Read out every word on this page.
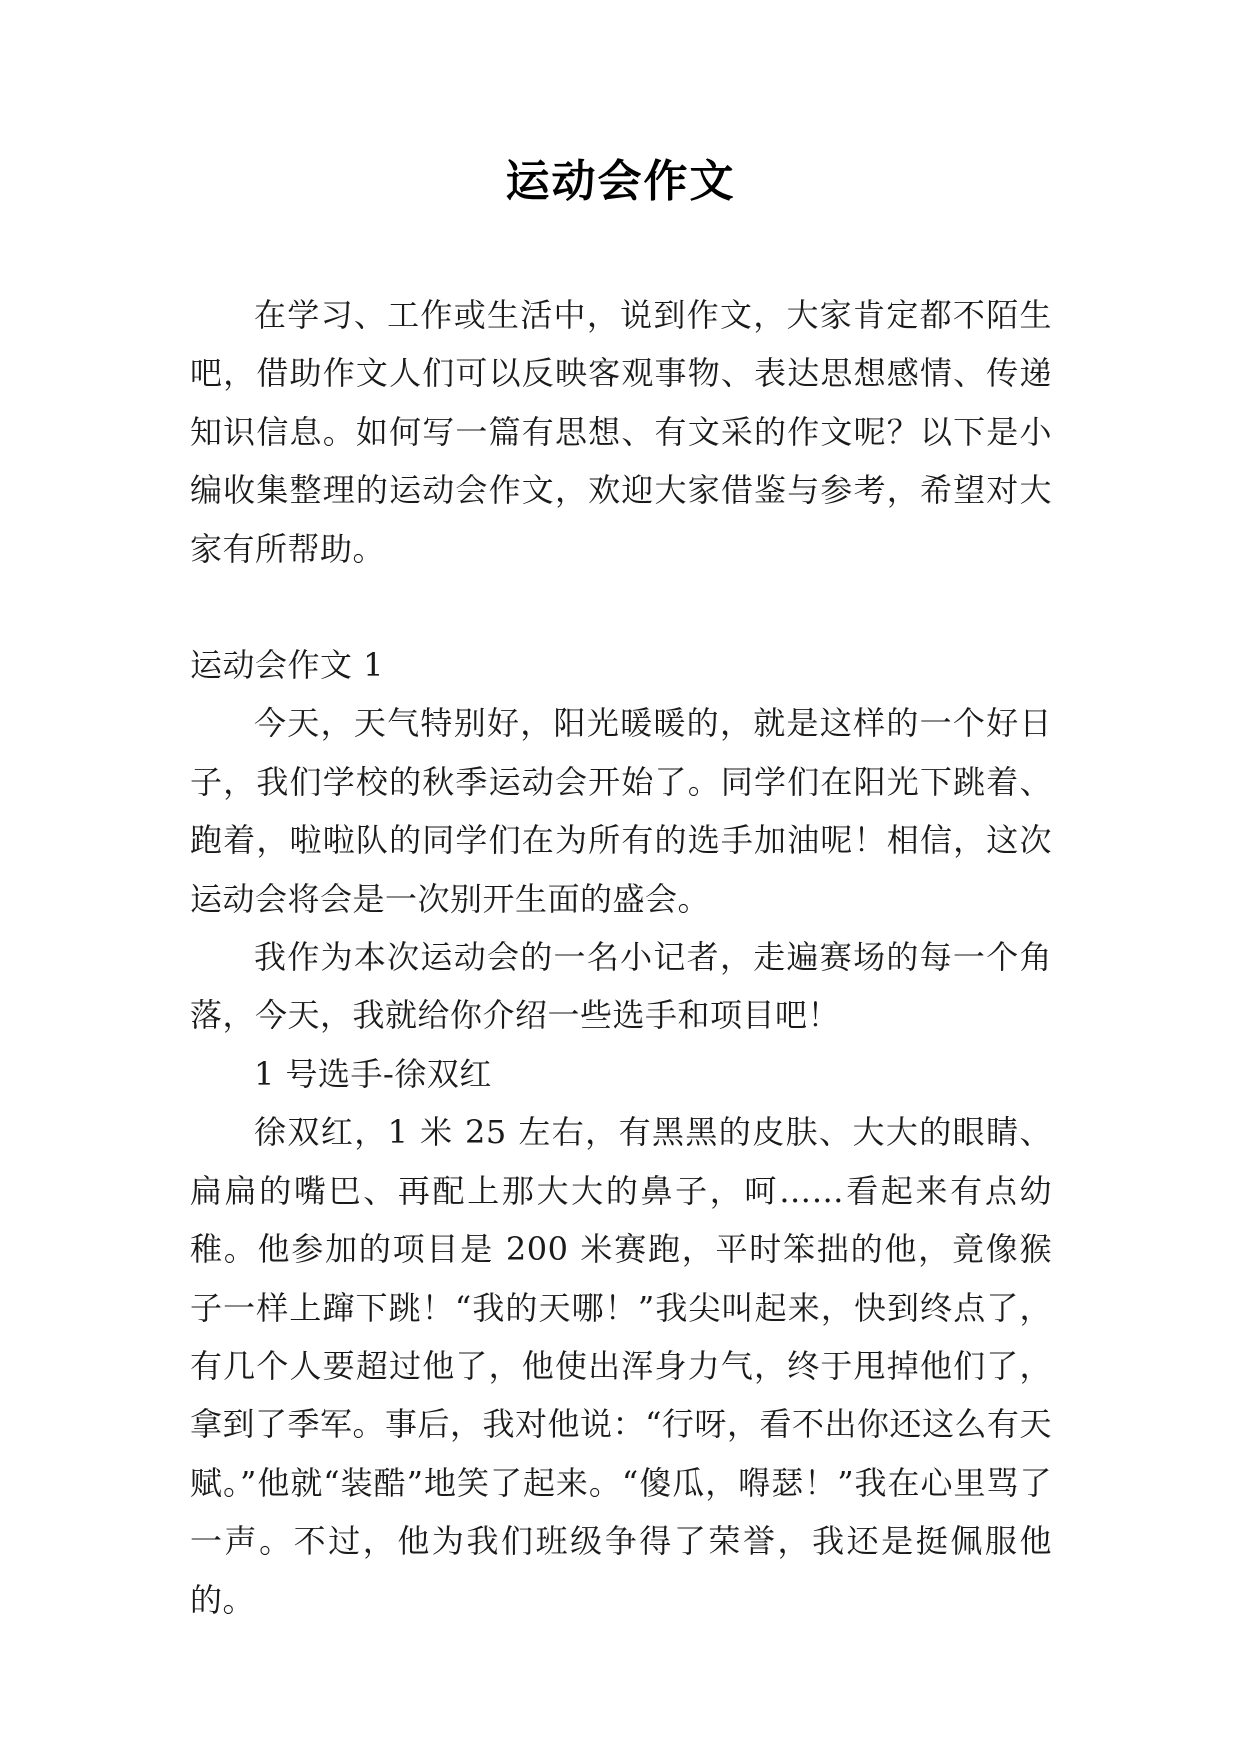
运动会作文

在学习、工作或生活中，说到作文，大家肯定都不陌生吧，借助作文人们可以反映客观事物、表达思想感情、传递知识信息。如何写一篇有思想、有文采的作文呢？以下是小编收集整理的运动会作文，欢迎大家借鉴与参考，希望对大家有所帮助。

运动会作文 1

今天，天气特别好，阳光暖暖的，就是这样的一个好日子，我们学校的秋季运动会开始了。同学们在阳光下跳着、跑着，啦啦队的同学们在为所有的选手加油呢！相信，这次运动会将会是一次别开生面的盛会。

我作为本次运动会的一名小记者，走遍赛场的每一个角落，今天，我就给你介绍一些选手和项目吧！

1 号选手-徐双红

徐双红，1 米 25 左右，有黑黑的皮肤、大大的眼睛、扁扁的嘴巴、再配上那大大的鼻子，呵……看起来有点幼稚。他参加的项目是 200 米赛跑，平时笨拙的他，竟像猴子一样上蹿下跳！“我的天哪！”我尖叫起来，快到终点了，有几个人要超过他了，他使出浑身力气，终于甩掉他们了，拿到了季军。事后，我对他说：“行呀，看不出你还这么有天赋。”他就“装酷”地笑了起来。“傻瓜，嘚瑟！”我在心里骂了一声。不过，他为我们班级争得了荣誉，我还是挺佩服他的。
